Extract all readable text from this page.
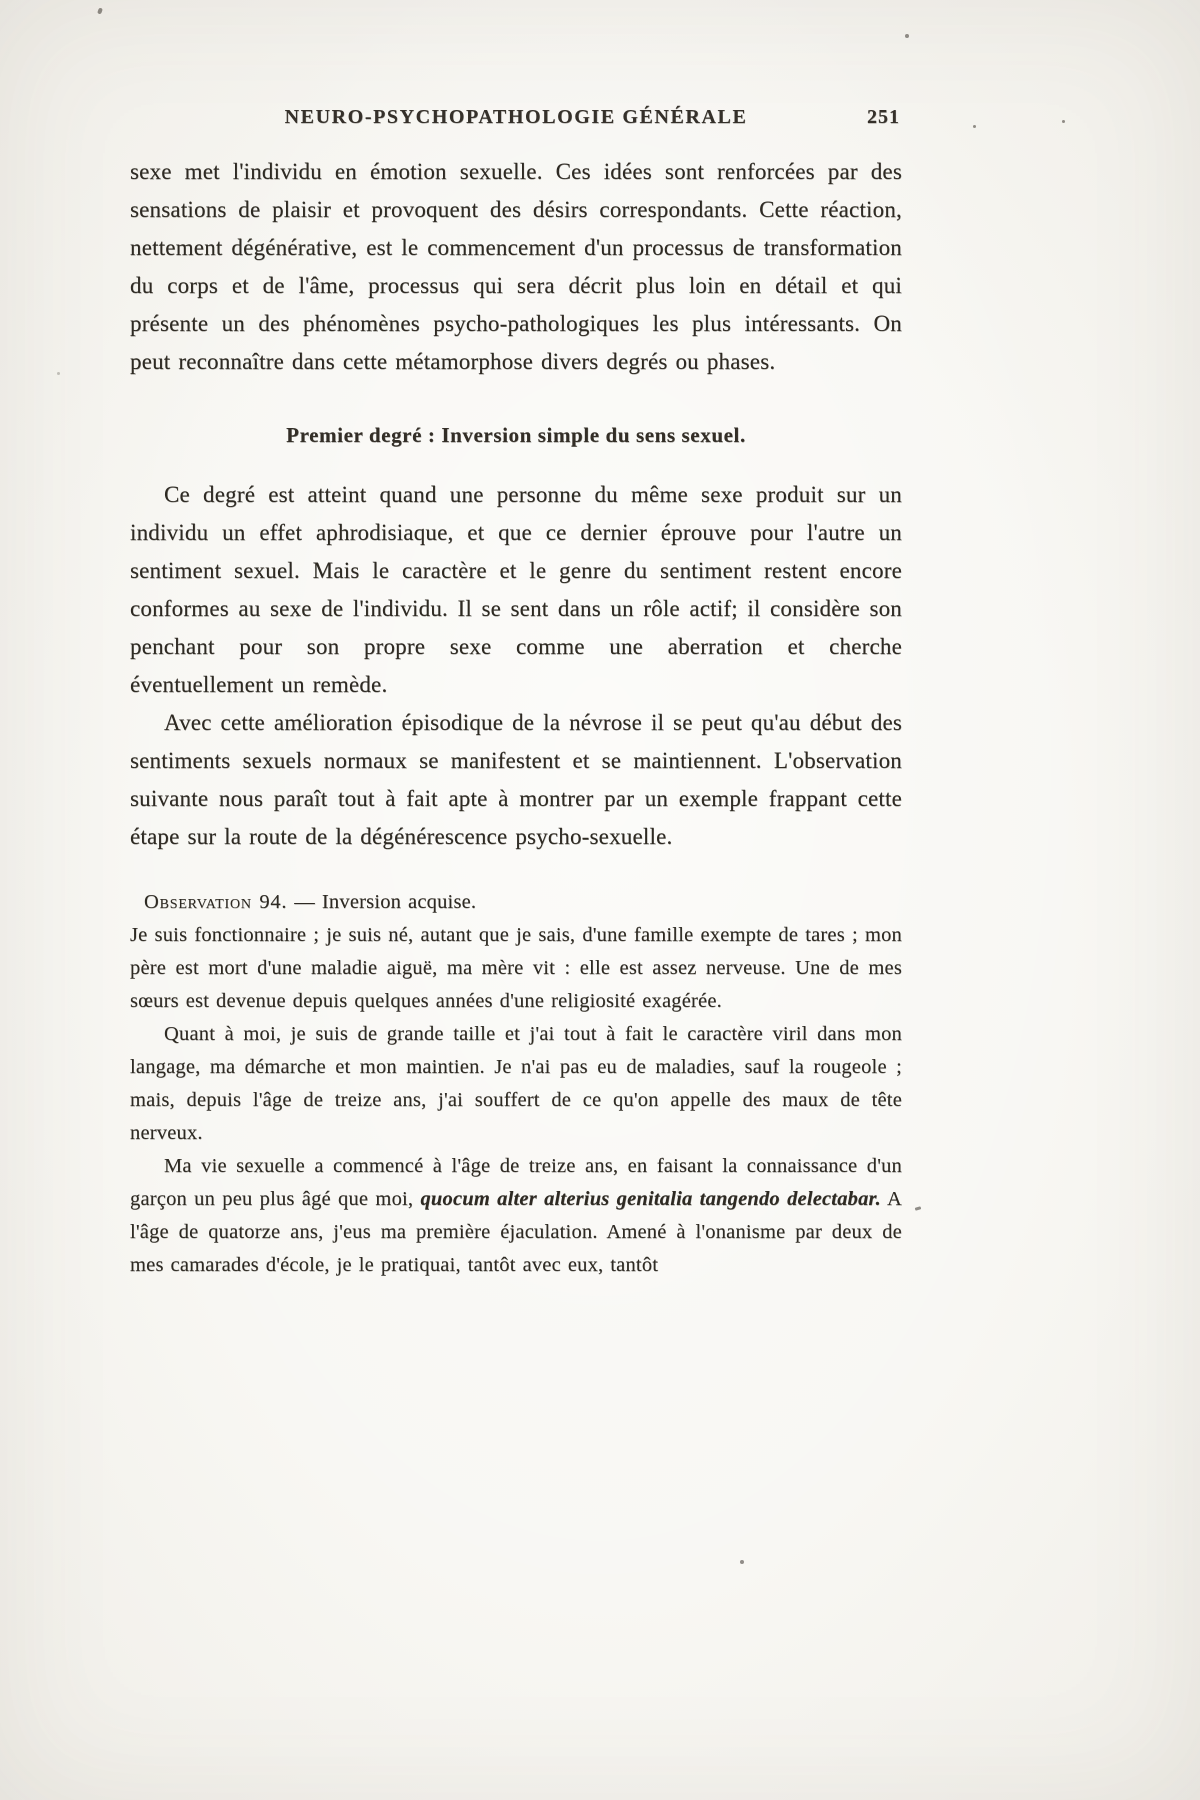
NEURO-PSYCHOPATHOLOGIE GÉNÉRALE	251

sexe met l'individu en émotion sexuelle. Ces idées sont renforcées par des sensations de plaisir et provoquent des désirs correspondants. Cette réaction, nettement dégénérative, est le commencement d'un processus de transformation du corps et de l'âme, processus qui sera décrit plus loin en détail et qui présente un des phénomènes psycho-pathologiques les plus intéressants. On peut reconnaître dans cette métamorphose divers degrés ou phases.

Premier degré : Inversion simple du sens sexuel.

Ce degré est atteint quand une personne du même sexe produit sur un individu un effet aphrodisiaque, et que ce dernier éprouve pour l'autre un sentiment sexuel. Mais le caractère et le genre du sentiment restent encore conformes au sexe de l'individu. Il se sent dans un rôle actif; il considère son penchant pour son propre sexe comme une aberration et cherche éventuellement un remède.

Avec cette amélioration épisodique de la névrose il se peut qu'au début des sentiments sexuels normaux se manifestent et se maintiennent. L'observation suivante nous paraît tout à fait apte à montrer par un exemple frappant cette étape sur la route de la dégénérescence psycho-sexuelle.

Observation 94. — Inversion acquise.

Je suis fonctionnaire ; je suis né, autant que je sais, d'une famille exempte de tares ; mon père est mort d'une maladie aiguë, ma mère vit : elle est assez nerveuse. Une de mes sœurs est devenue depuis quelques années d'une religiosité exagérée.

Quant à moi, je suis de grande taille et j'ai tout à fait le caractère viril dans mon langage, ma démarche et mon maintien. Je n'ai pas eu de maladies, sauf la rougeole ; mais, depuis l'âge de treize ans, j'ai souffert de ce qu'on appelle des maux de tête nerveux.

Ma vie sexuelle a commencé à l'âge de treize ans, en faisant la connaissance d'un garçon un peu plus âgé que moi, quocum alter alterius genitalia tangendo delectabar. A l'âge de quatorze ans, j'eus ma première éjaculation. Amené à l'onanisme par deux de mes camarades d'école, je le pratiquai, tantôt avec eux, tantôt
